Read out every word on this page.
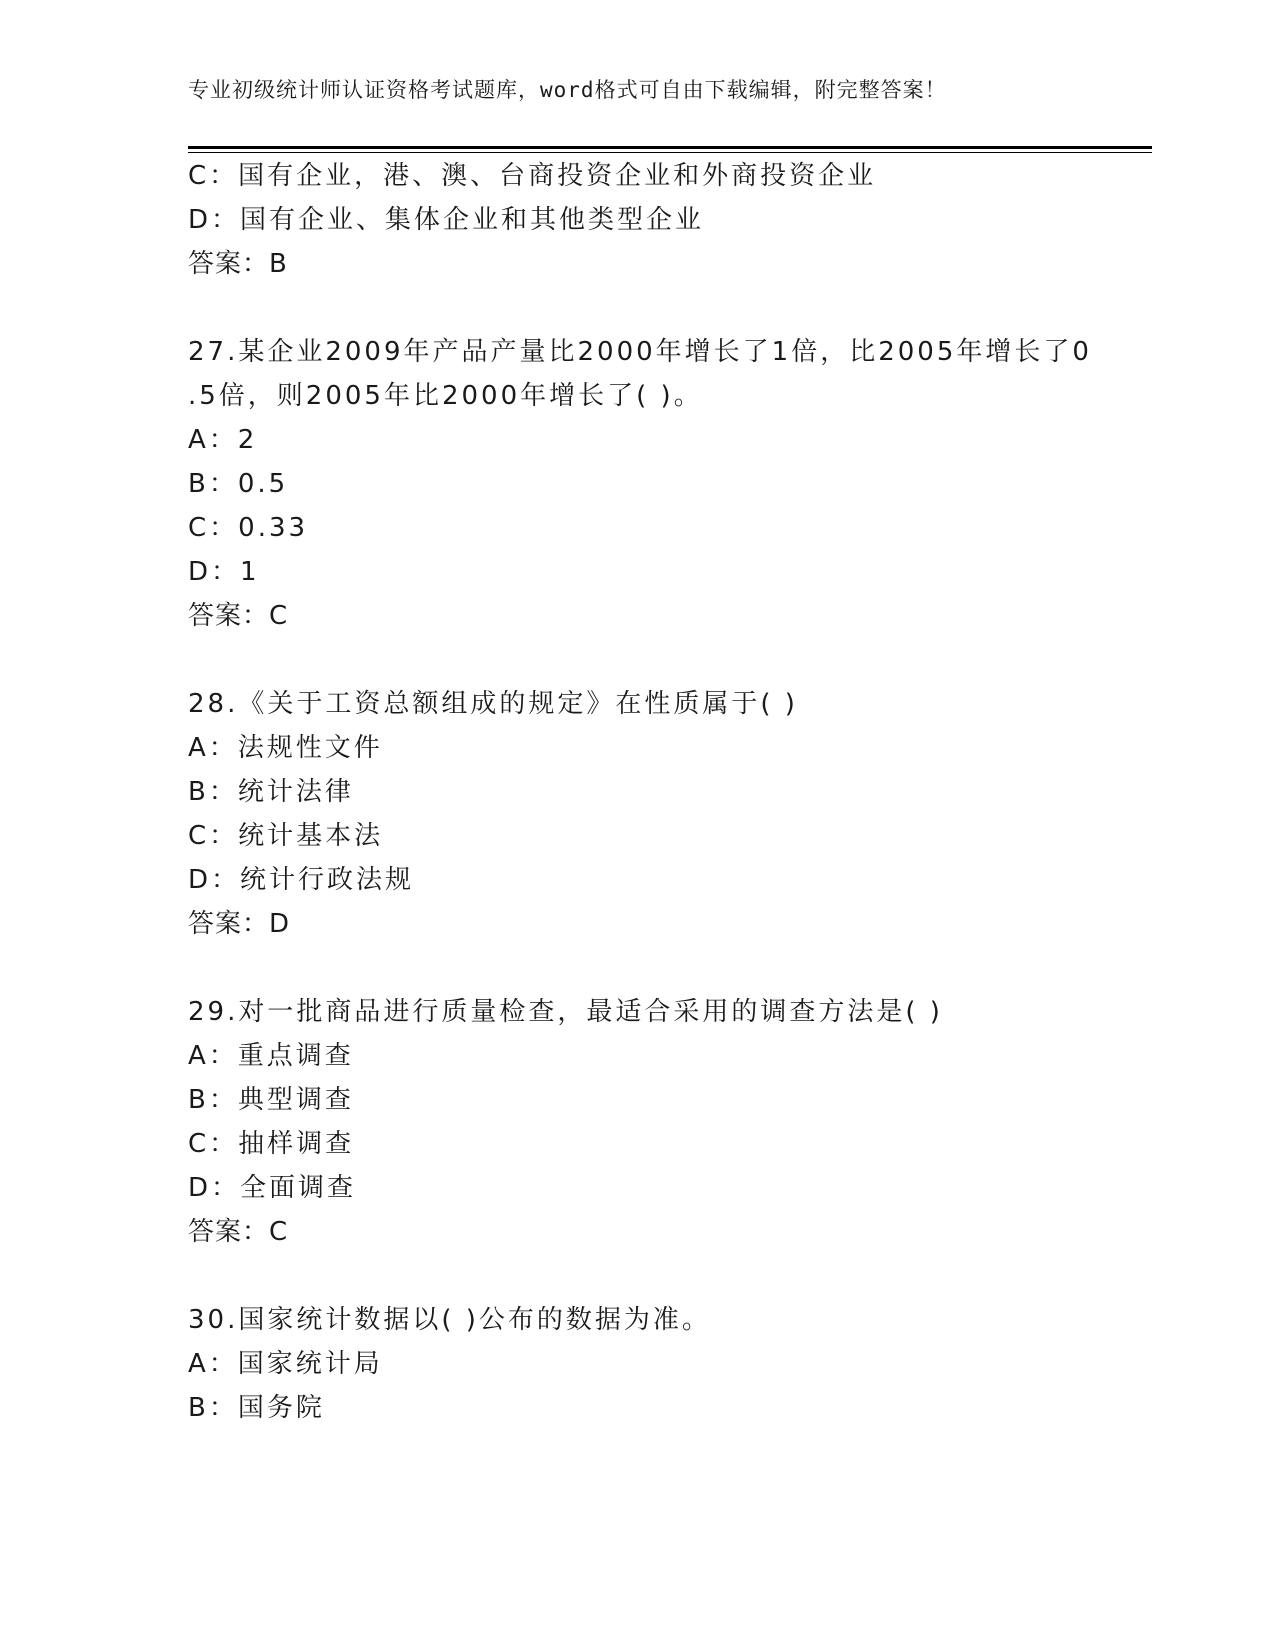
专业初级统计师认证资格考试题库，word格式可自由下载编辑，附完整答案！
C：国有企业，港、澳、台商投资企业和外商投资企业
D：国有企业、集体企业和其他类型企业
答案：B
27.某企业2009年产品产量比2000年增长了1倍，比2005年增长了0
.5倍，则2005年比2000年增长了( )。
A：2
B：0.5
C：0.33
D：1
答案：C
28.《关于工资总额组成的规定》在性质属于( )
A：法规性文件
B：统计法律
C：统计基本法
D：统计行政法规
答案：D
29.对一批商品进行质量检查，最适合采用的调查方法是( )
A：重点调查
B：典型调查
C：抽样调查
D：全面调查
答案：C
30.国家统计数据以( )公布的数据为准。
A：国家统计局
B：国务院
